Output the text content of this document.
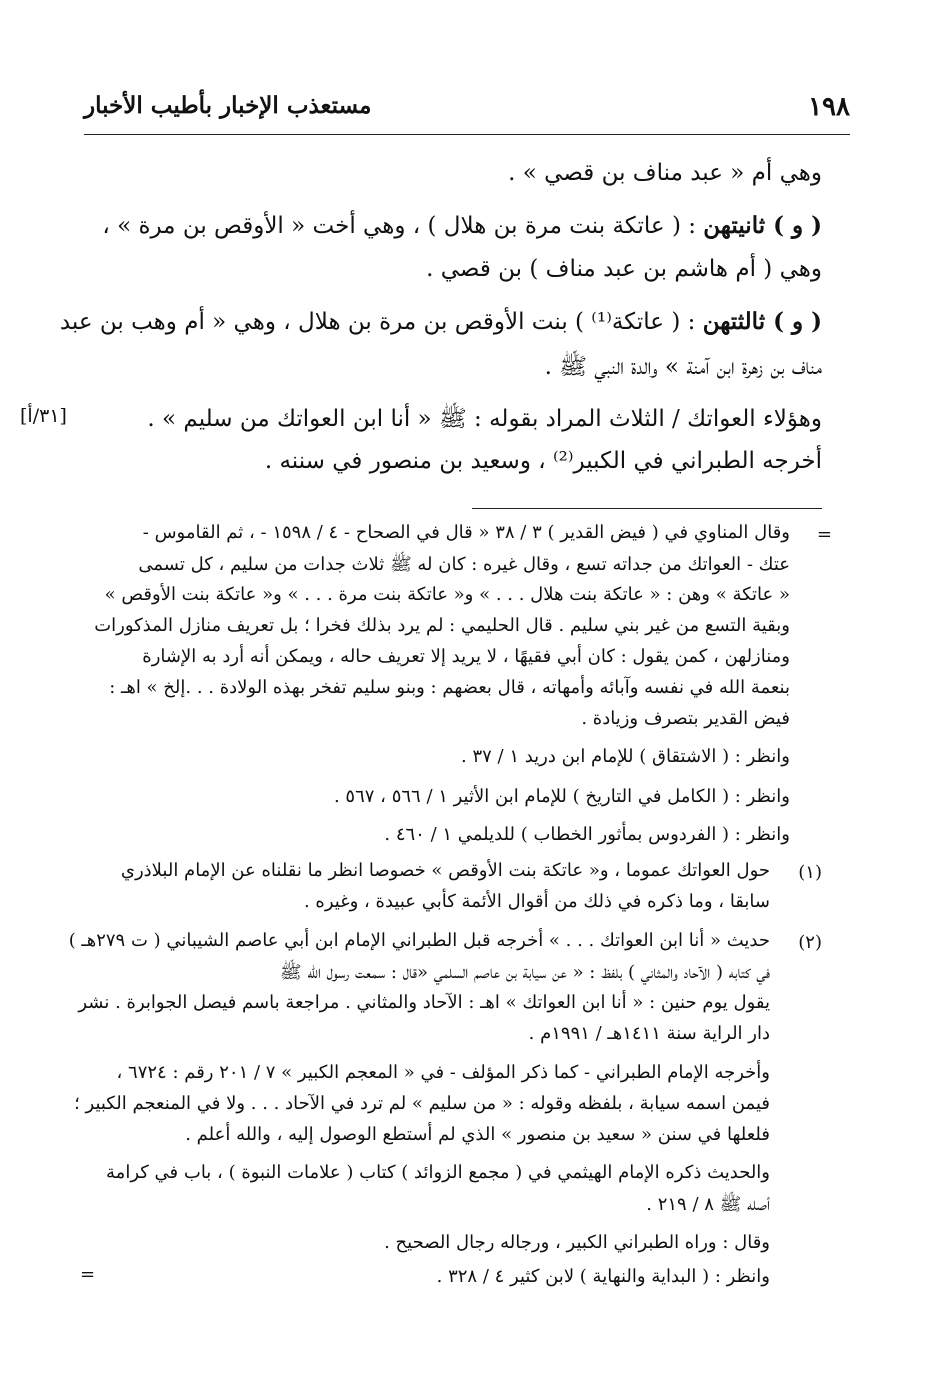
١٩٨
مستعذب الإخبار بأطيب الأخبار
وهي أم « عبد مناف بن قصي » .
( و ) ثانيتهن : ( عاتكة بنت مرة بن هلال ) ، وهي أخت « الأوقص بن مرة » ،
وهي ( أم هاشم بن عبد مناف ) بن قصي .
( و ) ثالثتهن : ( عاتكة⁽¹⁾ ) بنت الأوقص بن مرة بن هلال ، وهي « أم وهب بن عبد
مناف بن زهرة ابن آمنة » والدة النبي ﷺ .
[٣١/أ]	وهؤلاء العواتك / الثلاث المراد بقوله : ﷺ « أنا ابن العواتك من سليم » .
أخرجه الطبراني في الكبير⁽²⁾ ، وسعيد بن منصور في سننه .
=
وقال المناوي في ( فيض القدير ) ٣ / ٣٨ « قال في الصحاح - ٤ / ١٥٩٨ - ، ثم القاموس -
عتك - العواتك من جداته تسع ، وقال غيره : كان له ﷺ ثلاث جدات من سليم ، كل تسمى
« عاتكة » وهن : « عاتكة بنت هلال . . . » و« عاتكة بنت مرة . . . » و« عاتكة بنت الأوقص »
وبقية التسع من غير بني سليم . قال الحليمي : لم يرد بذلك فخرا ؛ بل تعريف منازل المذكورات
ومنازلهن ، كمن يقول : كان أبي فقيهًا ، لا يريد إلا تعريف حاله ، ويمكن أنه أرد به الإشارة
بنعمة الله في نفسه وآبائه وأمهاته ، قال بعضهم : وبنو سليم تفخر بهذه الولادة . . .إلخ » اهـ :
فيض القدير بتصرف وزيادة .
وانظر : ( الاشتقاق ) للإمام ابن دريد ١ / ٣٧ .
وانظر : ( الكامل في التاريخ ) للإمام ابن الأثير ١ / ٥٦٦ ، ٥٦٧ .
وانظر : ( الفردوس بمأثور الخطاب ) للديلمي ١ / ٤٦٠ .
(١)
حول العواتك عموما ، و« عاتكة بنت الأوقص » خصوصا انظر ما نقلناه عن الإمام البلاذري
سابقا ، وما ذكره في ذلك من أقوال الأئمة كأبي عبيدة ، وغيره .
(٢)
حديث « أنا ابن العواتك . . . » أخرجه قبل الطبراني الإمام ابن أبي عاصم الشيباني ( ت ٢٧٩هـ )
في كتابه ( الآحاد والمثاني ) بلفظ : « عن سيابة بن عاصم السلمي «قال : سمعت رسول الله ﷺ
يقول يوم حنين : « أنا ابن العواتك » اهـ : الآحاد والمثاني . مراجعة باسم فيصل الجوابرة . نشر
دار الراية سنة ١٤١١هـ / ١٩٩١م .
وأخرجه الإمام الطبراني - كما ذكر المؤلف - في « المعجم الكبير » ٧ / ٢٠١ رقم : ٦٧٢٤ ،
فيمن اسمه سيابة ، بلفظه وقوله : « من سليم » لم ترد في الآحاد . . . ولا في المنعجم الكبير ؛
فلعلها في سنن « سعيد بن منصور » الذي لم أستطع الوصول إليه ، والله أعلم .
والحديث ذكره الإمام الهيثمي في ( مجمع الزوائد ) كتاب ( علامات النبوة ) ، باب في كرامة
أصله ﷺ ٨ / ٢١٩ .
وقال : وراه الطبراني الكبير ، ورجاله رجال الصحيح .
وانظر : ( البداية والنهاية ) لابن كثير ٤ / ٣٢٨ .
=
